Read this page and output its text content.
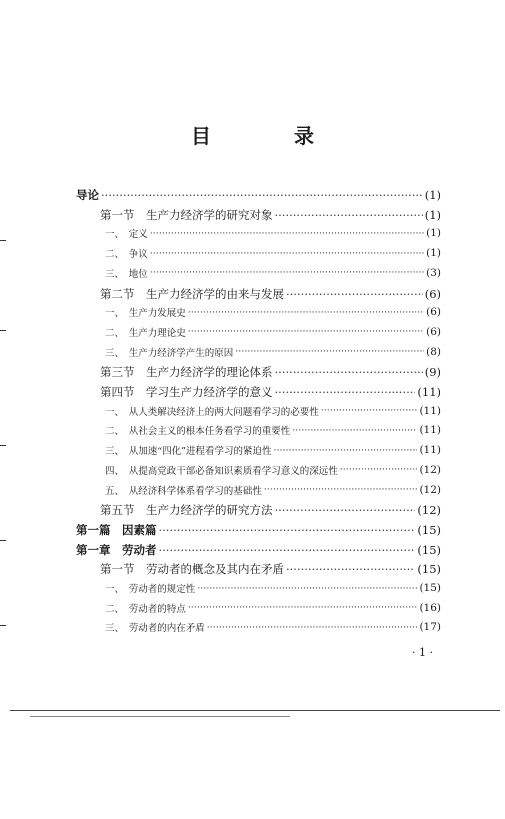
目 录
导论 ·····	(1)
第一节　生产力经济学的研究对象 ·····	(1)
一、　定义 ·····	(1)
二、　争议 ·····	(1)
三、　地位 ·····	(3)
第二节　生产力经济学的由来与发展 ·····	(6)
一、　生产力发展史 ·····	(6)
二、　生产力理论史 ·····	(6)
三、　生产力经济学产生的原因 ·····	(8)
第三节　生产力经济学的理论体系 ·····	(9)
第四节　学习生产力经济学的意义 ·····	(11)
一、　从人类解决经济上的两大问题看学习的必要性 ·····	(11)
二、　从社会主义的根本任务看学习的重要性 ·····	(11)
三、　从加速“四化”进程看学习的紧迫性 ·····	(11)
四、　从提高党政干部必备知识素质看学习意义的深远性 ·····	(12)
五、　从经济科学体系看学习的基础性 ·····	(12)
第五节　生产力经济学的研究方法 ·····	(12)
第一篇　因素篇 ·····	(15)
第一章　劳动者 ·····	(15)
第一节　劳动者的概念及其内在矛盾 ·····	(15)
一、　劳动者的规定性 ·····	(15)
二、　劳动者的特点 ·····	(16)
三、　劳动者的内在矛盾 ·····	(17)
· 1 ·
